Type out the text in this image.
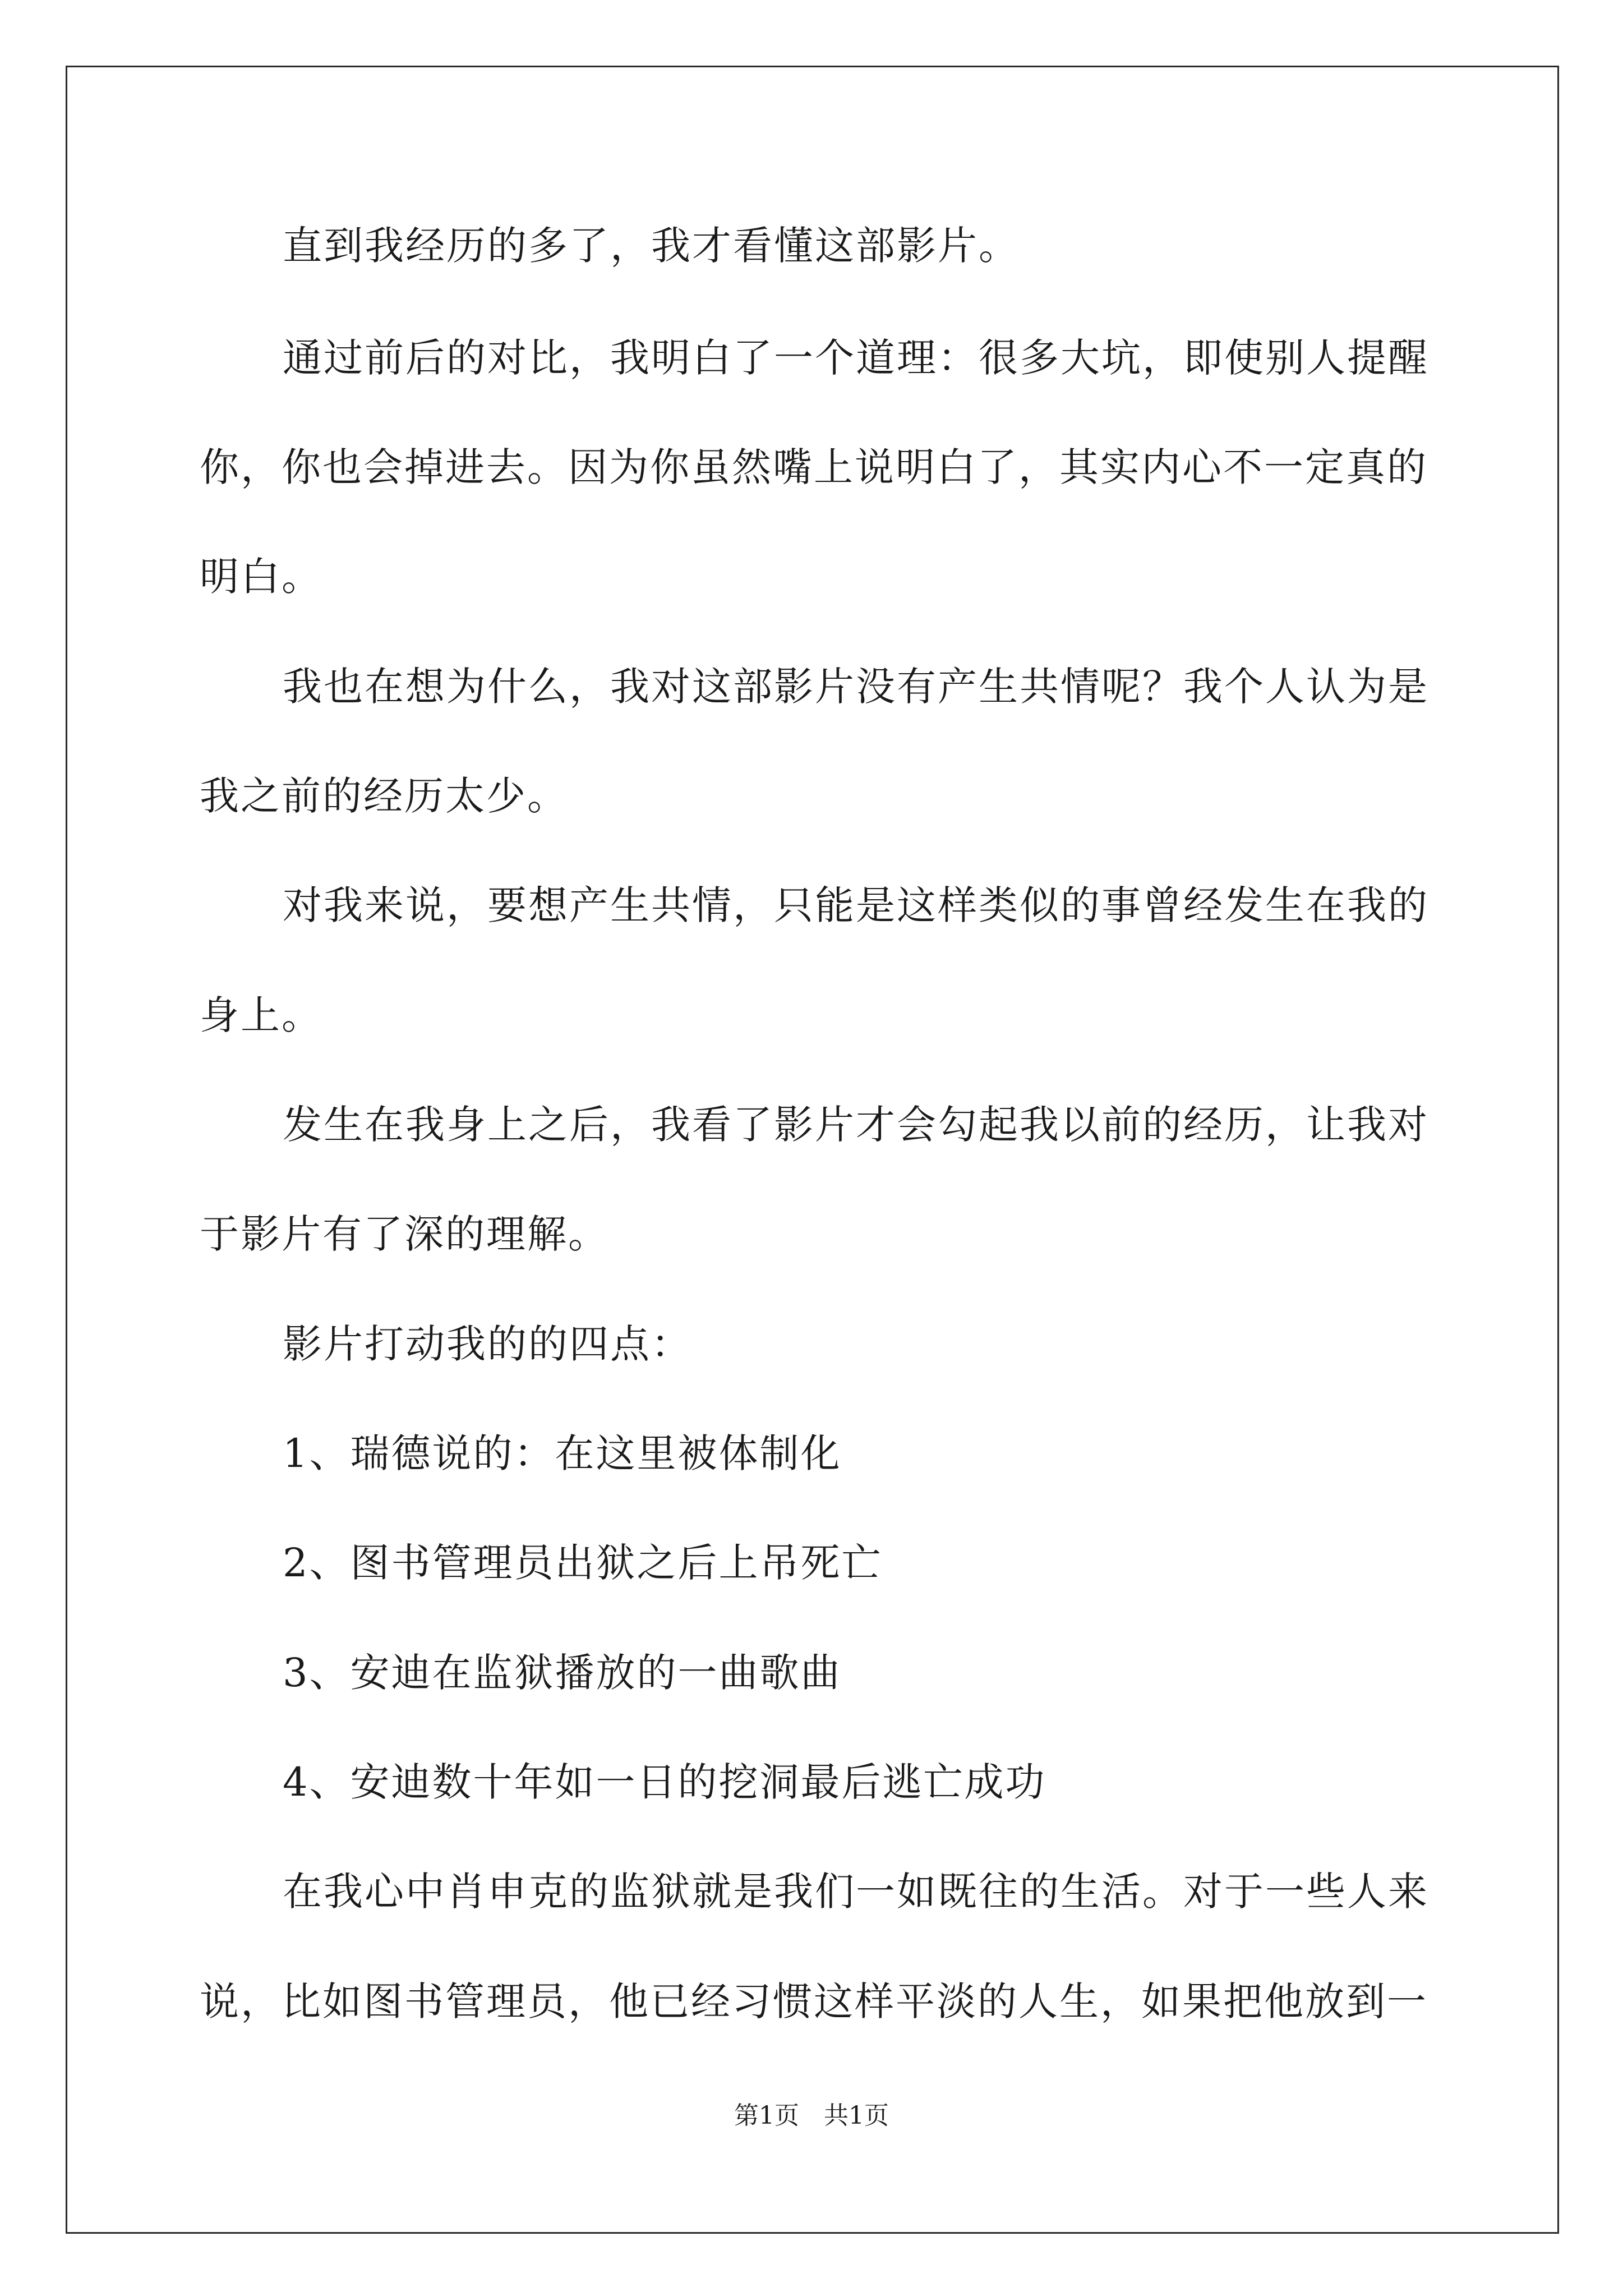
直到我经历的多了，我才看懂这部影片。
通过前后的对比，我明白了一个道理：很多大坑，即使别人提醒
你，你也会掉进去。因为你虽然嘴上说明白了，其实内心不一定真的
明白。
我也在想为什么，我对这部影片没有产生共情呢？我个人认为是
我之前的经历太少。
对我来说，要想产生共情，只能是这样类似的事曾经发生在我的
身上。
发生在我身上之后，我看了影片才会勾起我以前的经历，让我对
于影片有了深的理解。
影片打动我的的四点：
1、瑞德说的：在这里被体制化
2、图书管理员出狱之后上吊死亡
3、安迪在监狱播放的一曲歌曲
4、安迪数十年如一日的挖洞最后逃亡成功
在我心中肖申克的监狱就是我们一如既往的生活。对于一些人来
说，比如图书管理员，他已经习惯这样平淡的人生，如果把他放到一
第1页 共1页
